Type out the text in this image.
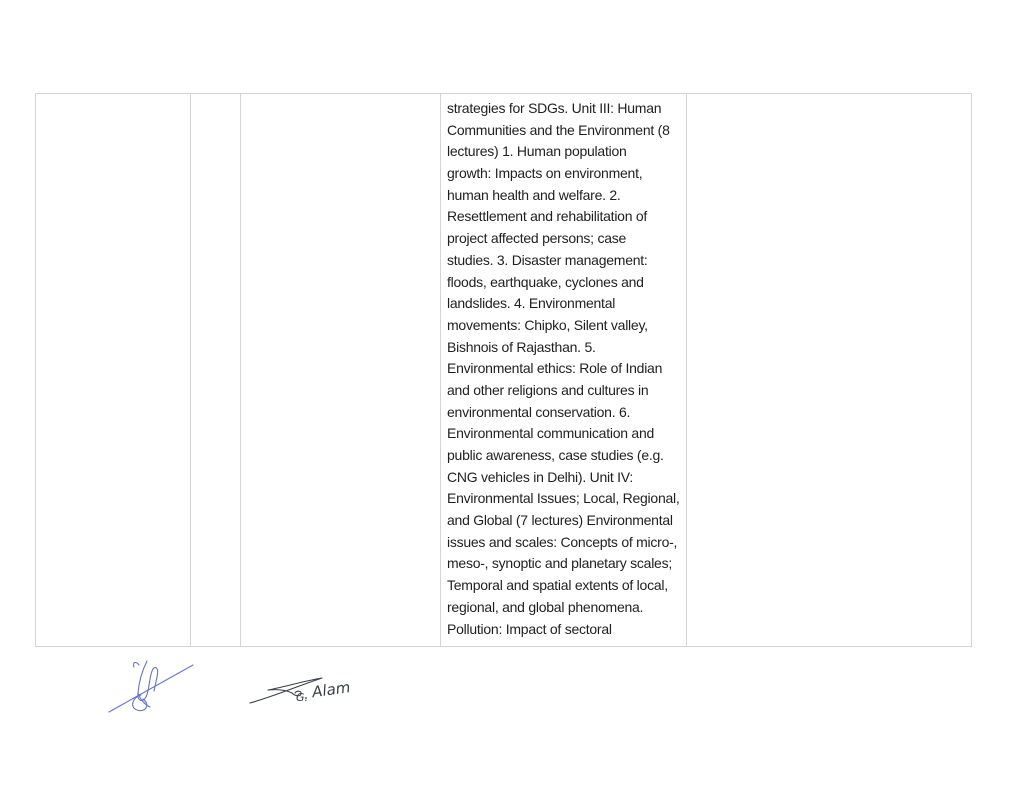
strategies for SDGs. Unit III: Human
Communities and the Environment (8
lectures) 1. Human population
growth: Impacts on environment,
human health and welfare. 2.
Resettlement and rehabilitation of
project affected persons; case
studies. 3. Disaster management:
floods, earthquake, cyclones and
landslides. 4. Environmental
movements: Chipko, Silent valley,
Bishnois of Rajasthan. 5.
Environmental ethics: Role of Indian
and other religions and cultures in
environmental conservation. 6.
Environmental communication and
public awareness, case studies (e.g.
CNG vehicles in Delhi). Unit IV:
Environmental Issues; Local, Regional,
and Global (7 lectures) Environmental
issues and scales: Concepts of micro-,
meso-, synoptic and planetary scales;
Temporal and spatial extents of local,
regional, and global phenomena.
Pollution: Impact of sectoral
G. Alam
